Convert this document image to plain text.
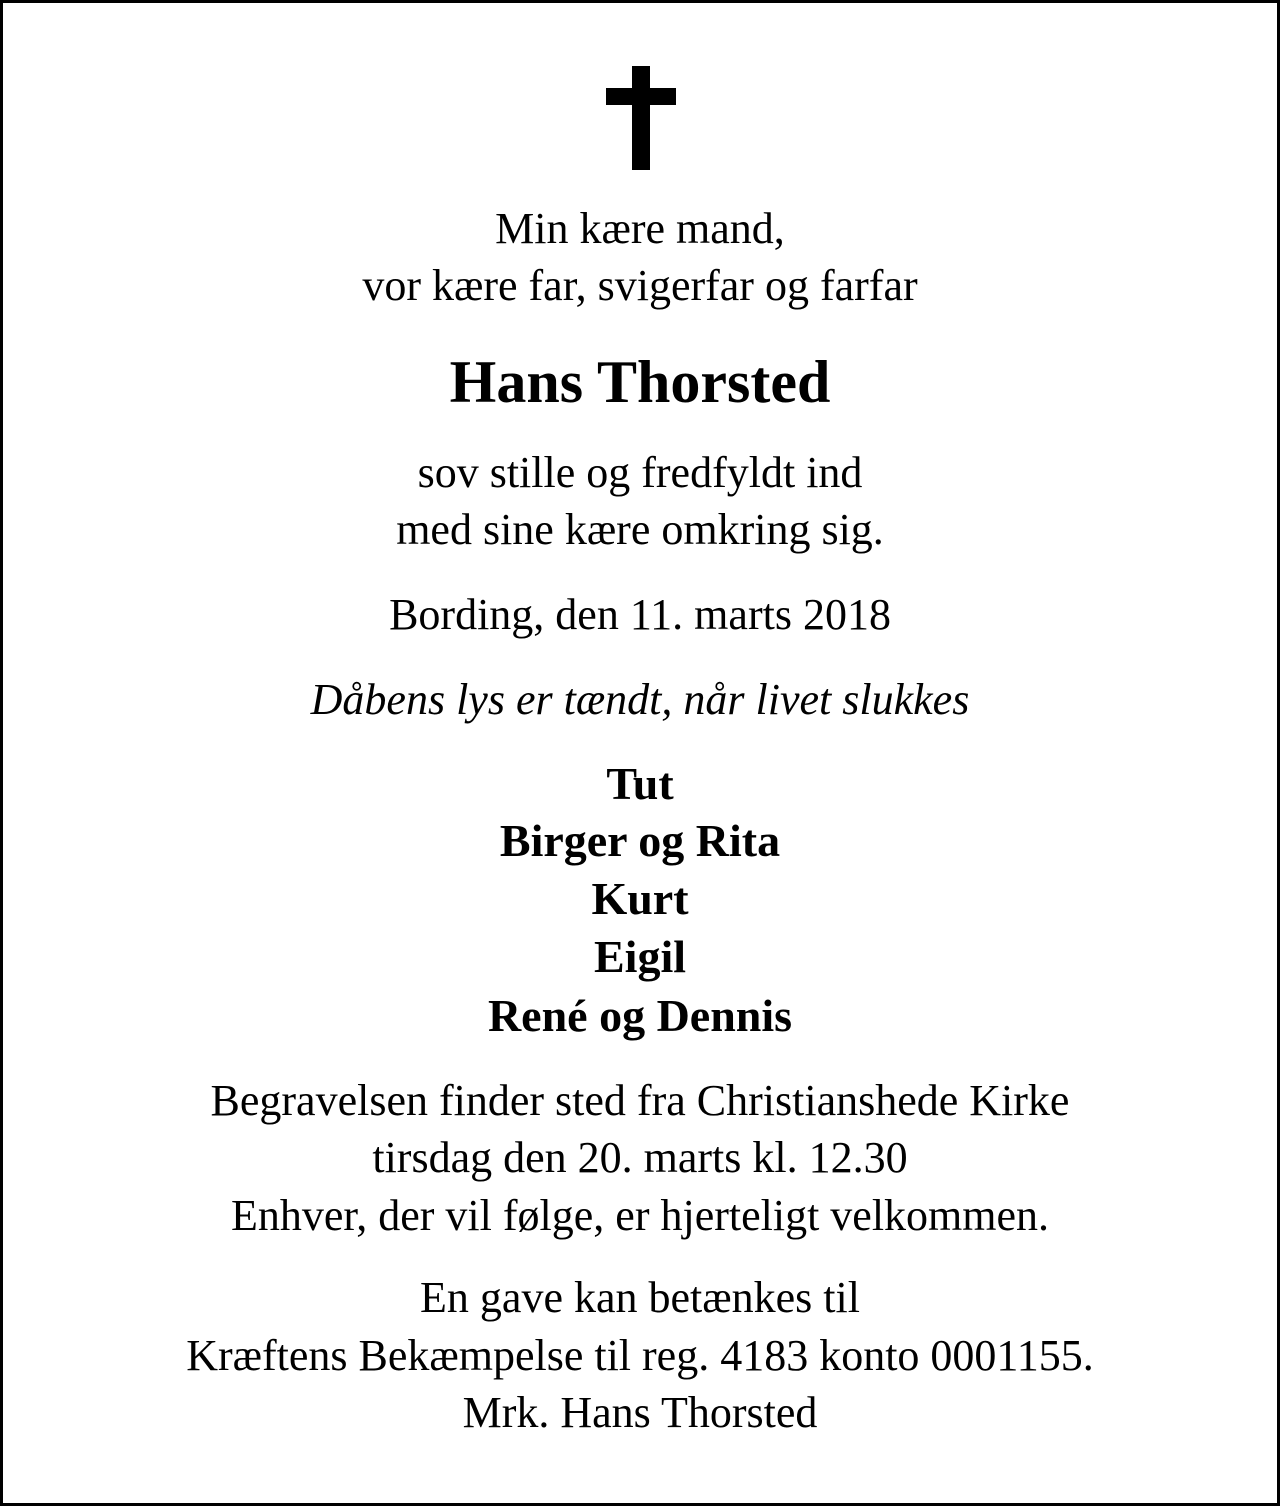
Min kære mand,
vor kære far, svigerfar og farfar
Hans Thorsted
sov stille og fredfyldt ind
med sine kære omkring sig.
Bording, den 11. marts 2018
Dåbens lys er tændt, når livet slukkes
Tut
Birger og Rita
Kurt
Eigil
René og Dennis
Begravelsen finder sted fra Christianshede Kirke
tirsdag den 20. marts kl. 12.30
Enhver, der vil følge, er hjerteligt velkommen.
En gave kan betænkes til
Kræftens Bekæmpelse til reg. 4183 konto 0001155.
Mrk. Hans Thorsted
